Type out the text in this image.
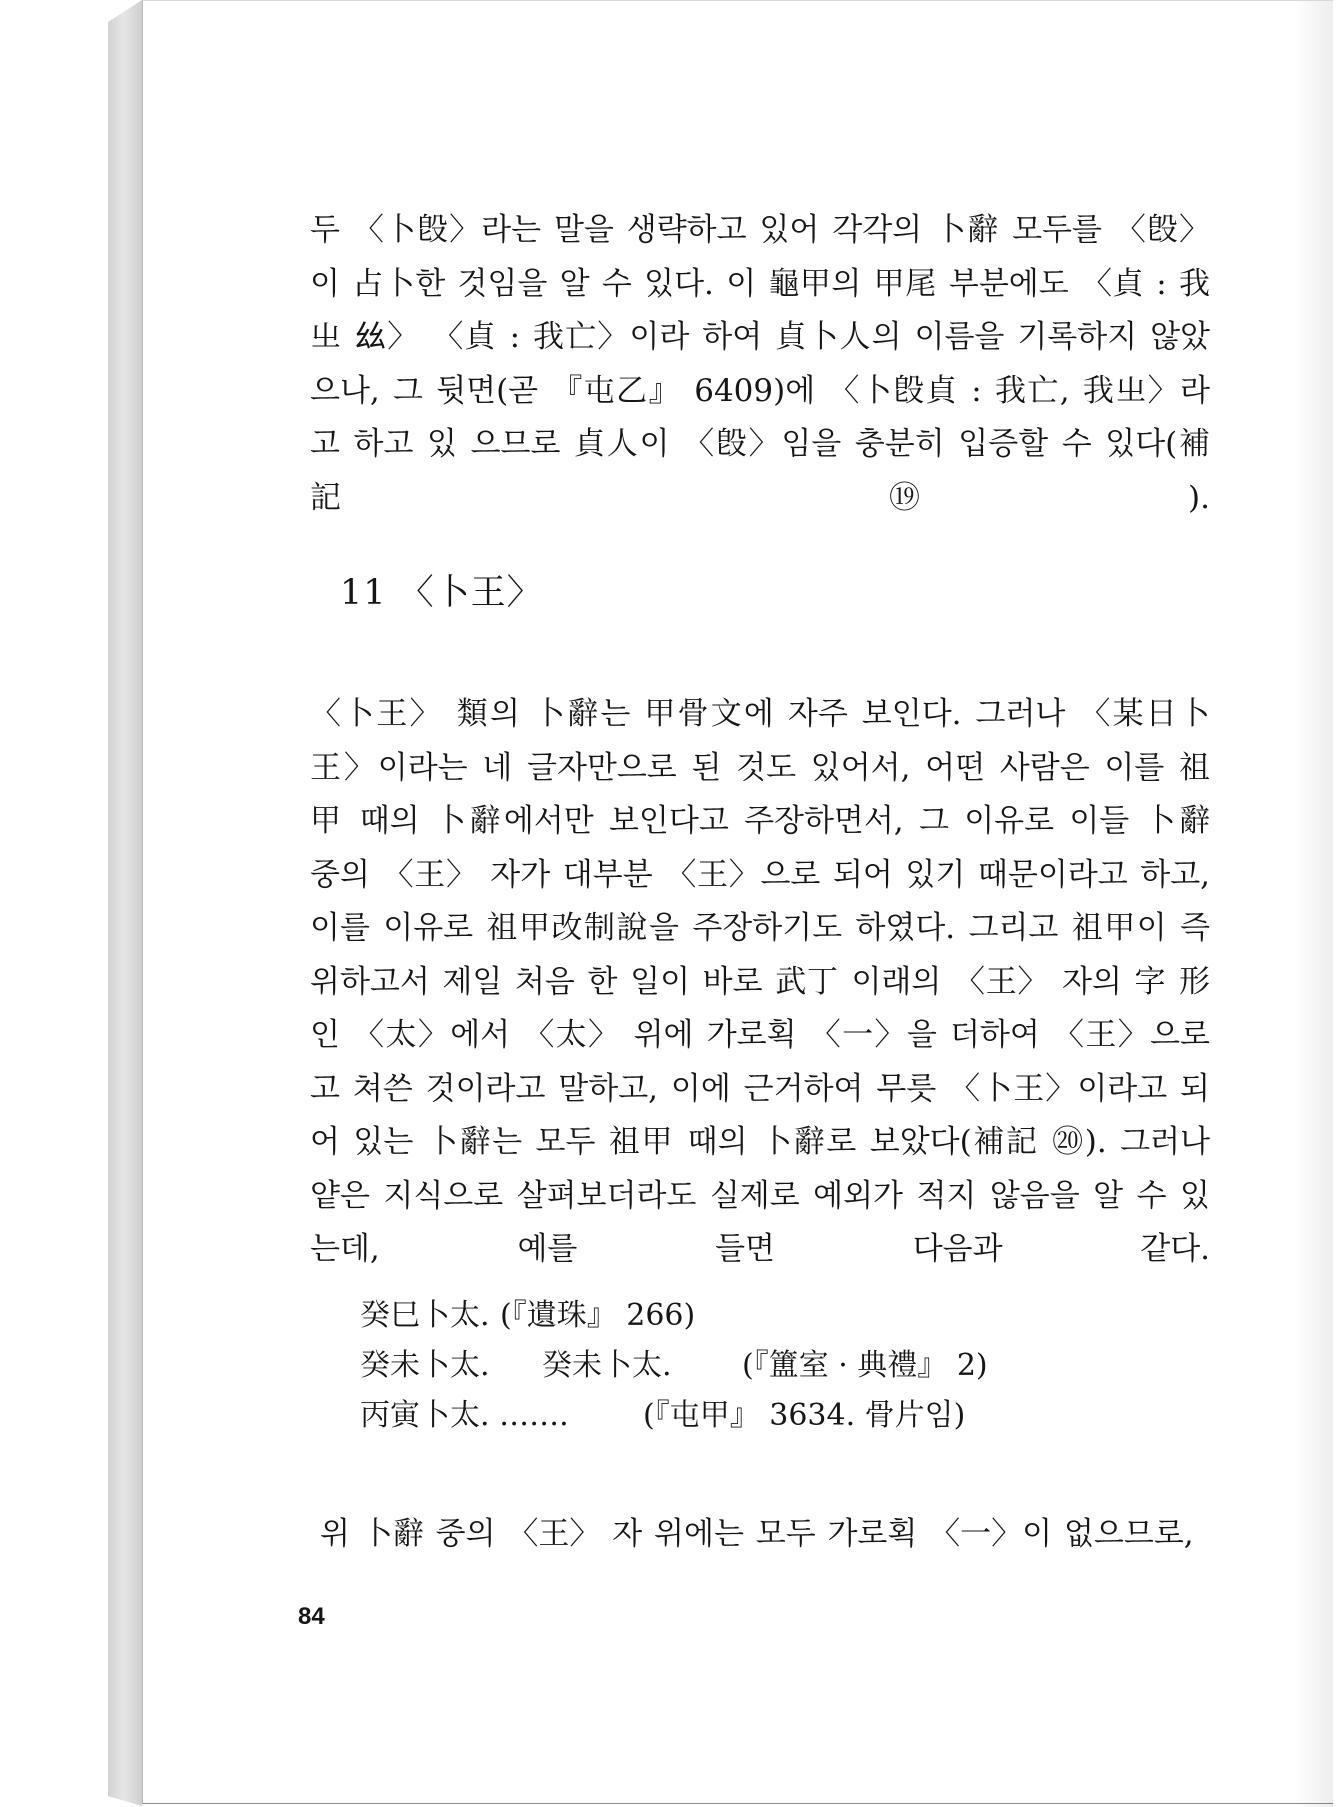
두 〈卜𣪘〉라는 말을 생략하고 있어 각각의 卜辭 모두를 〈𣪘〉이 占卜한 것임을 알 수 있다. 이 龜甲의 甲尾 부분에도 〈貞 : 我㞢 𢆶〉 〈貞 : 我亡〉이라 하여 貞卜人의 이름을 기록하지 않았으나, 그 뒷면(곧 『屯乙』 6409)에 〈卜𣪘貞 : 我亡, 我㞢〉라고 하고 있 으므로 貞人이 〈𣪘〉임을 충분히 입증할 수 있다(補記 ⑲).
11 〈卜王〉
〈卜王〉 類의 卜辭는 甲骨文에 자주 보인다. 그러나 〈某日卜 王〉이라는 네 글자만으로 된 것도 있어서, 어떤 사람은 이를 祖 甲 때의 卜辭에서만 보인다고 주장하면서, 그 이유로 이들 卜辭 중의 〈王〉 자가 대부분 〈王〉으로 되어 있기 때문이라고 하고, 이를 이유로 祖甲改制說을 주장하기도 하였다. 그리고 祖甲이 즉위하고서 제일 처음 한 일이 바로 武丁 이래의 〈王〉 자의 字 形인 〈太〉에서 〈太〉 위에 가로획 〈一〉을 더하여 〈王〉으로 고 쳐쓴 것이라고 말하고, 이에 근거하여 무릇 〈卜王〉이라고 되어 있는 卜辭는 모두 祖甲 때의 卜辭로 보았다(補記 ⑳). 그러나 얕은 지식으로 살펴보더라도 실제로 예외가 적지 않음을 알 수 있는데, 예를 들면 다음과 같다.
癸巳卜太. (『遺珠』 266)
癸未卜太. 癸未卜太. (『簠室 · 典禮』 2)
丙寅卜太. ……. (『屯甲』 3634. 骨片임)
위 卜辭 중의 〈王〉 자 위에는 모두 가로획 〈一〉이 없으므로,
84
